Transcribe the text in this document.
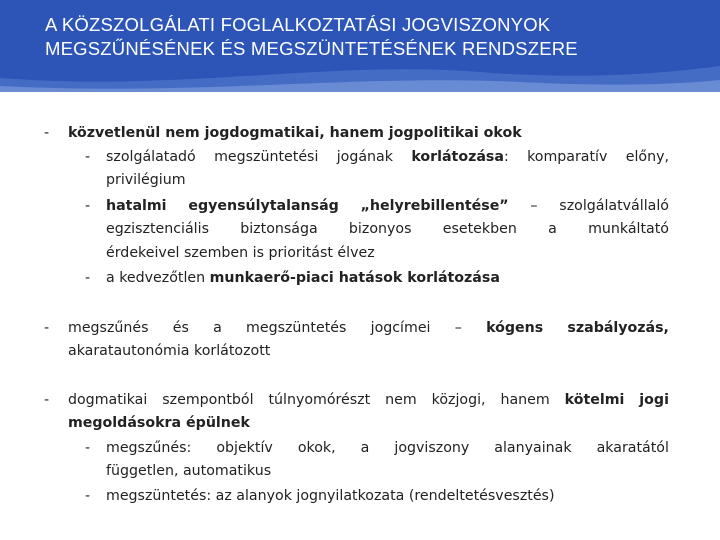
A KÖZSZOLGÁLATI FOGLALKOZTATÁSI JOGVISZONYOK
MEGSZŰNÉSÉNEK ÉS MEGSZÜNTETÉSÉNEK RENDSZERE
-	közvetlenül nem jogdogmatikai, hanem jogpolitikai okok
-	szolgálatadó megszüntetési jogának korlátozása: komparatív előny,
privilégium
-	hatalmi egyensúlytalanság „helyrebillentése” – szolgálatvállaló
egzisztenciális biztonsága bizonyos esetekben a munkáltató
érdekeivel szemben is prioritást élvez
-	a kedvezőtlen munkaerő-piaci hatások korlátozása
-	megszűnés és a megszüntetés jogcímei – kógens szabályozás,
akaratautonómia korlátozott
-	dogmatikai szempontból túlnyomórészt nem közjogi, hanem kötelmi jogi
megoldásokra épülnek
-	megszűnés: objektív okok, a jogviszony alanyainak akaratától
független, automatikus
-	megszüntetés: az alanyok jognyilatkozata (rendeltetésvesztés)
